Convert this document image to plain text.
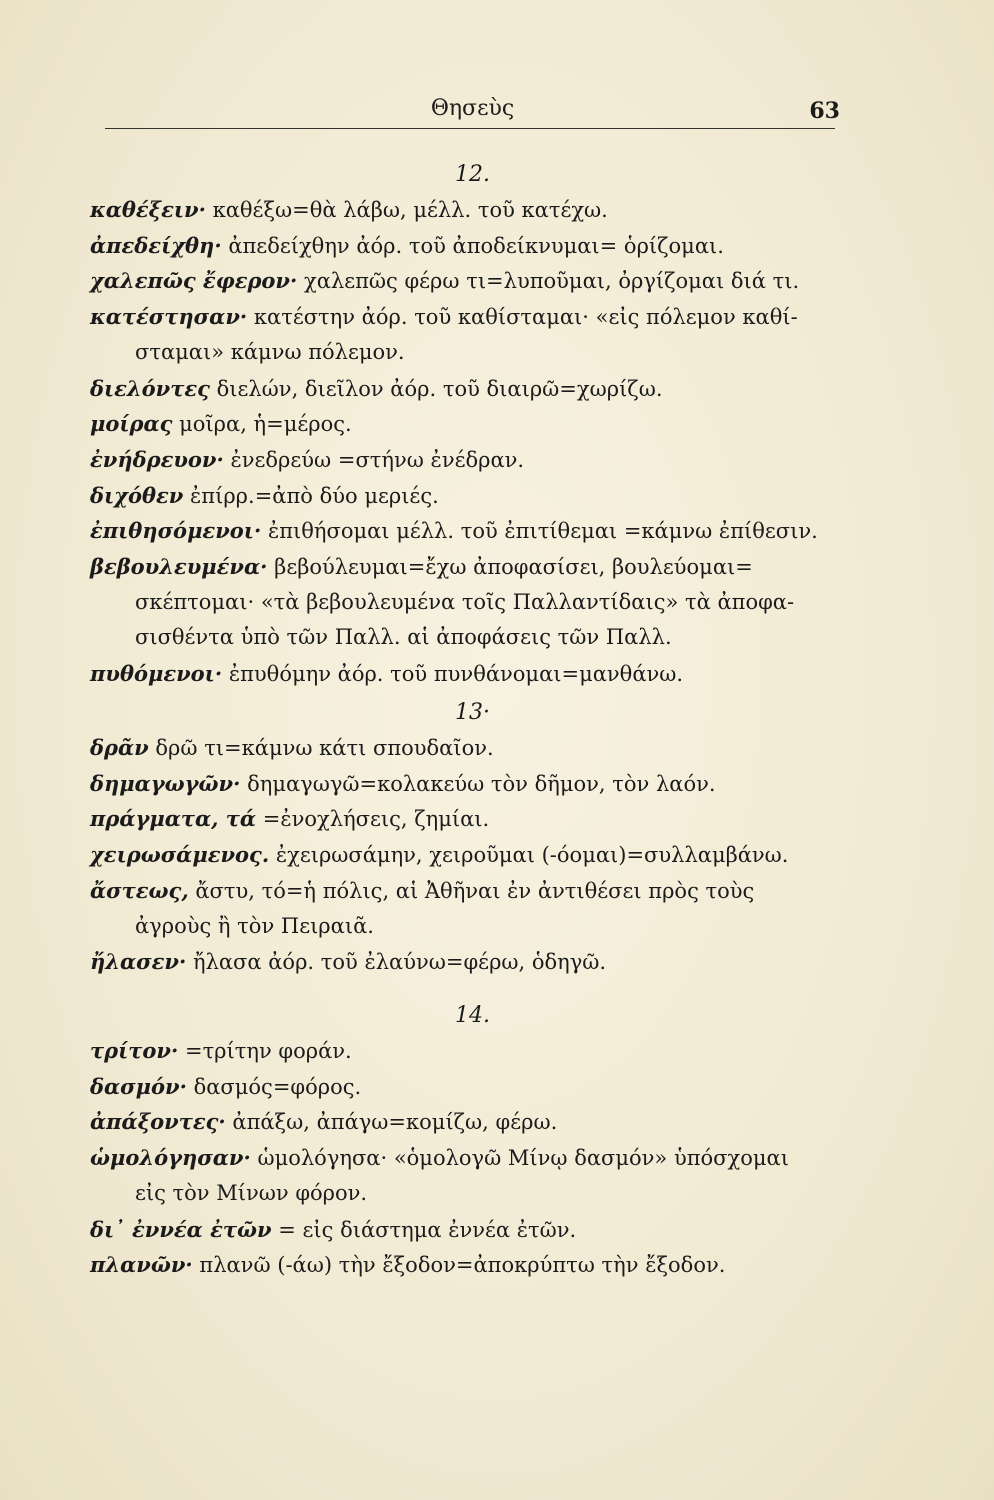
Θησεὺς	63
12.
καθέξειν· καθέξω=θὰ λάβω, μέλλ. τοῦ κατέχω.
ἀπεδείχθη· ἀπεδείχθην ἀόρ. τοῦ ἀποδείκνυμαι= ὁρίζομαι.
χαλεπῶς ἔφερον· χαλεπῶς φέρω τι=λυποῦμαι, ὀργίζομαι διά τι.
κατέστησαν· κατέστην ἀόρ. τοῦ καθίσταμαι· «εἰς πόλεμον καθί-
σταμαι» κάμνω πόλεμον.
διελόντες διελών, διεῖλον ἀόρ. τοῦ διαιρῶ=χωρίζω.
μοίρας μοῖρα, ἡ=μέρος.
ἐνήδρευον· ἐνεδρεύω =στήνω ἐνέδραν.
διχόθεν ἐπίρρ.=ἀπὸ δύο μεριές.
ἐπιθησόμενοι· ἐπιθήσομαι μέλλ. τοῦ ἐπιτίθεμαι =κάμνω ἐπίθεσιν.
βεβουλευμένα· βεβούλευμαι=ἔχω ἀποφασίσει, βουλεύομαι=
σκέπτομαι· «τὰ βεβουλευμένα τοῖς Παλλαντίδαις» τὰ ἀποφα-
σισθέντα ὑπὸ τῶν Παλλ. αἱ ἀποφάσεις τῶν Παλλ.
πυθόμενοι· ἐπυθόμην ἀόρ. τοῦ πυνθάνομαι=μανθάνω.
13·
δρᾶν δρῶ τι=κάμνω κάτι σπουδαῖον.
δημαγωγῶν· δημαγωγῶ=κολακεύω τὸν δῆμον, τὸν λαόν.
πράγματα, τά =ἐνοχλήσεις, ζημίαι.
χειρωσάμενος. ἐχειρωσάμην, χειροῦμαι (-όομαι)=συλλαμβάνω.
ἄστεως, ἄστυ, τό=ἡ πόλις, αἱ Ἀθῆναι ἐν ἀντιθέσει πρὸς τοὺς
ἀγροὺς ἢ τὸν Πειραιᾶ.
ἤλασεν· ἤλασα ἀόρ. τοῦ ἐλαύνω=φέρω, ὁδηγῶ.
14.
τρίτον· =τρίτην φοράν.
δασμόν· δασμός=φόρος.
ἀπάξοντες· ἀπάξω, ἀπάγω=κομίζω, φέρω.
ὡμολόγησαν· ὡμολόγησα· «ὁμολογῶ Μίνῳ δασμόν» ὑπόσχομαι
εἰς τὸν Μίνων φόρον.
δι᾿ ἐννέα ἐτῶν = εἰς διάστημα ἐννέα ἐτῶν.
πλανῶν· πλανῶ (-άω) τὴν ἔξοδον=ἀποκρύπτω τὴν ἔξοδον.
